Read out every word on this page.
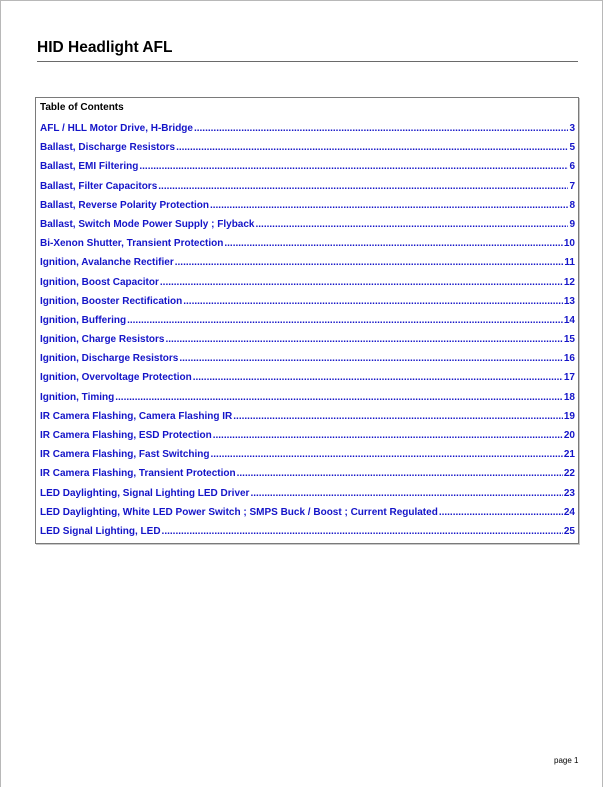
HID Headlight AFL
Table of Contents
AFL / HLL Motor Drive, H-Bridge .....	3
Ballast, Discharge Resistors .....	5
Ballast, EMI Filtering .....	6
Ballast, Filter Capacitors .....	7
Ballast, Reverse Polarity Protection .....	8
Ballast, Switch Mode Power Supply ; Flyback .....	9
Bi-Xenon Shutter, Transient Protection .....	10
Ignition, Avalanche Rectifier .....	11
Ignition, Boost Capacitor .....	12
Ignition, Booster Rectification .....	13
Ignition, Buffering .....	14
Ignition, Charge Resistors .....	15
Ignition, Discharge Resistors .....	16
Ignition, Overvoltage Protection .....	17
Ignition, Timing .....	18
IR Camera Flashing, Camera Flashing IR .....	19
IR Camera Flashing, ESD Protection .....	20
IR Camera Flashing, Fast Switching .....	21
IR Camera Flashing, Transient Protection .....	22
LED Daylighting, Signal Lighting LED Driver .....	23
LED Daylighting, White LED Power Switch ; SMPS Buck / Boost ; Current Regulated .....	24
LED Signal Lighting, LED .....	25
page 1
